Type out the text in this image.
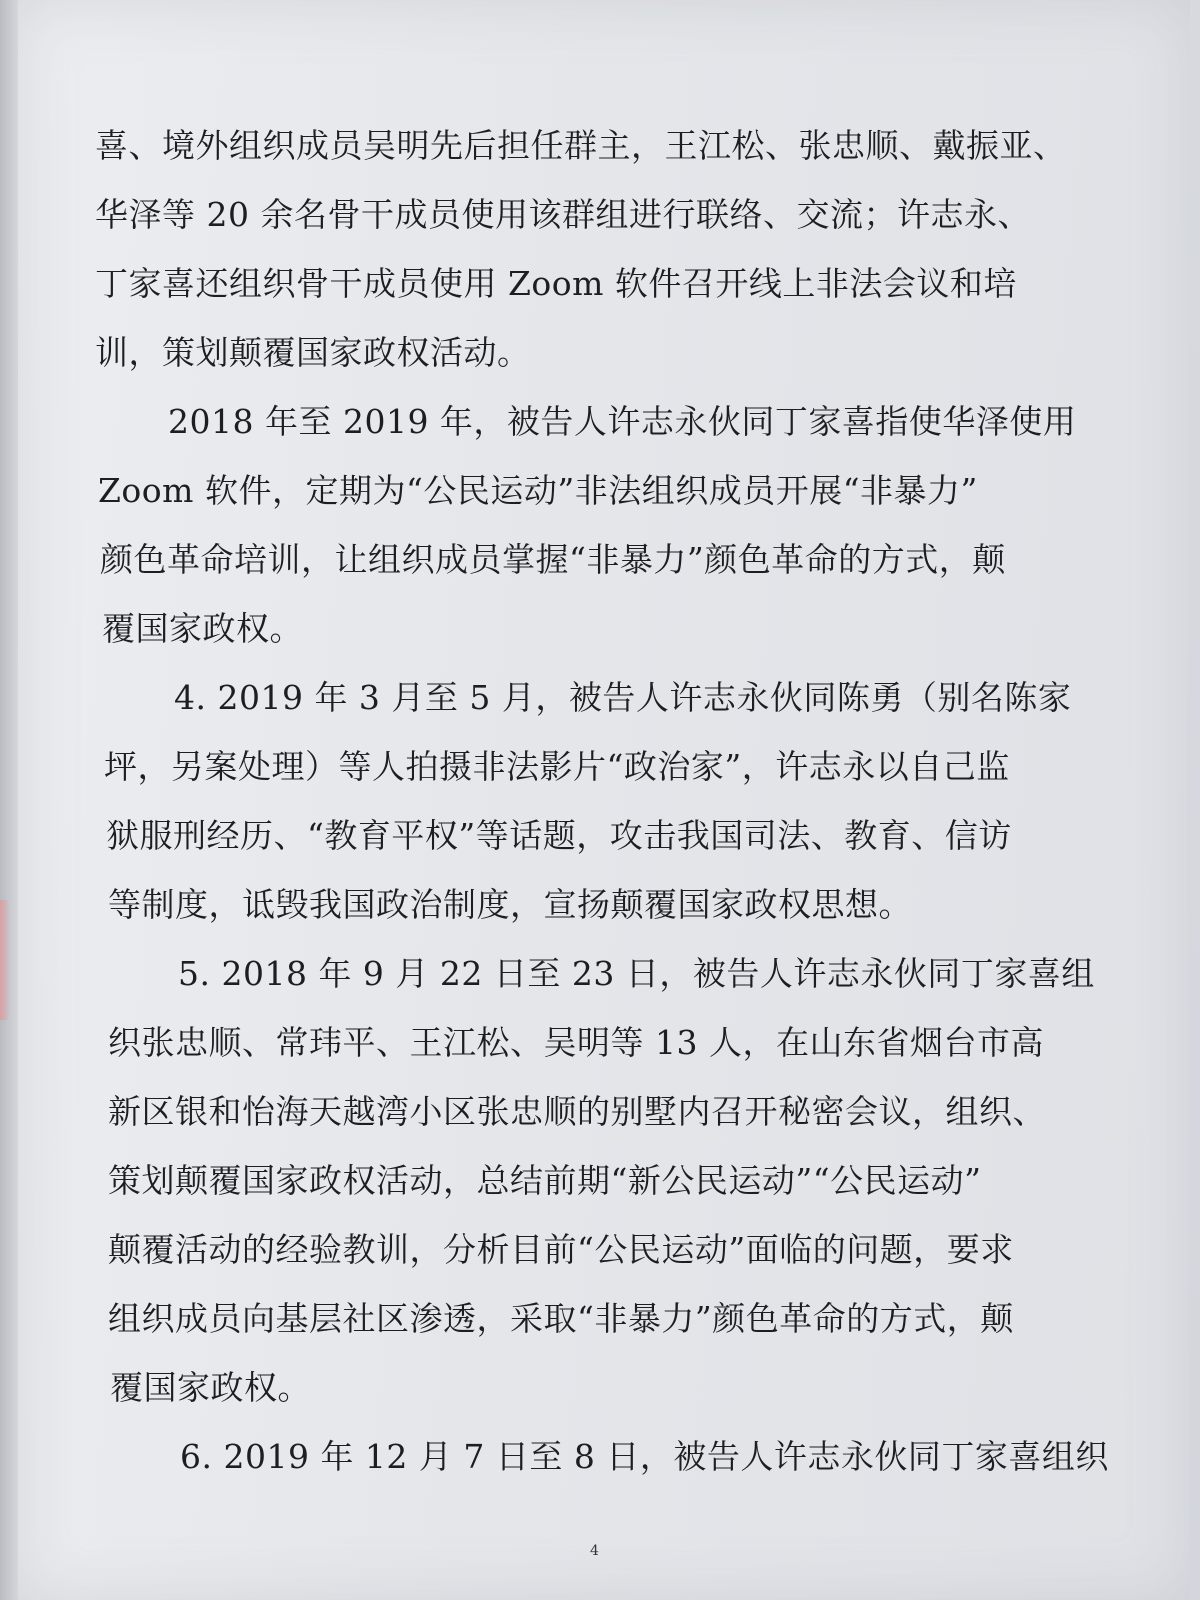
喜、境外组织成员吴明先后担任群主，王江松、张忠顺、戴振亚、

华泽等 20 余名骨干成员使用该群组进行联络、交流；许志永、

丁家喜还组织骨干成员使用 Zoom 软件召开线上非法会议和培

训，策划颠覆国家政权活动。

2018 年至 2019 年，被告人许志永伙同丁家喜指使华泽使用

Zoom 软件，定期为“公民运动”非法组织成员开展“非暴力”

颜色革命培训，让组织成员掌握“非暴力”颜色革命的方式，颠

覆国家政权。

4. 2019 年 3 月至 5 月，被告人许志永伙同陈勇（别名陈家

坪，另案处理）等人拍摄非法影片“政治家”，许志永以自己监

狱服刑经历、“教育平权”等话题，攻击我国司法、教育、信访

等制度，诋毁我国政治制度，宣扬颠覆国家政权思想。

5. 2018 年 9 月 22 日至 23 日，被告人许志永伙同丁家喜组

织张忠顺、常玮平、王江松、吴明等 13 人，在山东省烟台市高

新区银和怡海天越湾小区张忠顺的别墅内召开秘密会议，组织、

策划颠覆国家政权活动，总结前期“新公民运动”“公民运动”

颠覆活动的经验教训，分析目前“公民运动”面临的问题，要求

组织成员向基层社区渗透，采取“非暴力”颜色革命的方式，颠

覆国家政权。

6. 2019 年 12 月 7 日至 8 日，被告人许志永伙同丁家喜组织

4
